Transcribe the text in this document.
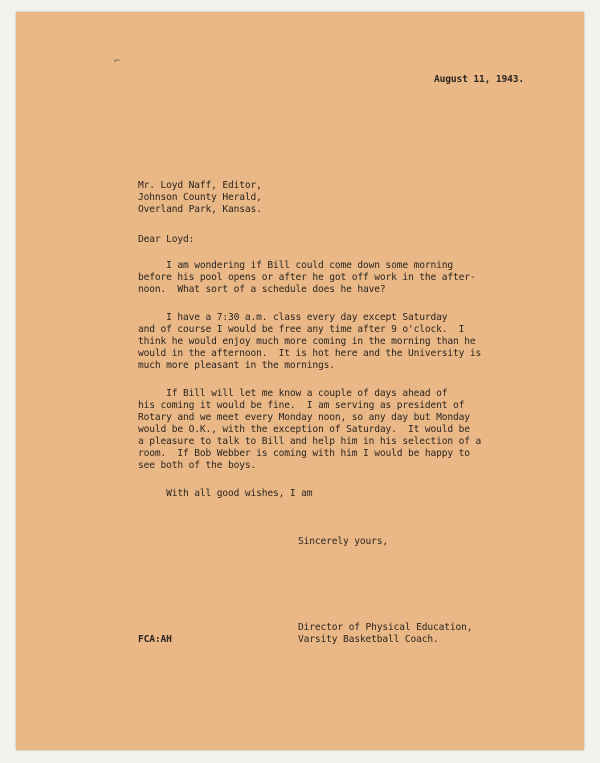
⌐
August 11, 1943.
Mr. Loyd Naff, Editor,
Johnson County Herald,
Overland Park, Kansas.
Dear Loyd:
I am wondering if Bill could come down some morning
before his pool opens or after he got off work in the after-
noon.  What sort of a schedule does he have?
I have a 7:30 a.m. class every day except Saturday
and of course I would be free any time after 9 o'clock.  I
think he would enjoy much more coming in the morning than he
would in the afternoon.  It is hot here and the University is
much more pleasant in the mornings.
If Bill will let me know a couple of days ahead of
his coming it would be fine.  I am serving as president of
Rotary and we meet every Monday noon, so any day but Monday
would be O.K., with the exception of Saturday.  It would be
a pleasure to talk to Bill and help him in his selection of a
room.  If Bob Webber is coming with him I would be happy to
see both of the boys.
With all good wishes, I am
Sincerely yours,
Director of Physical Education,
Varsity Basketball Coach.
FCA:AH
